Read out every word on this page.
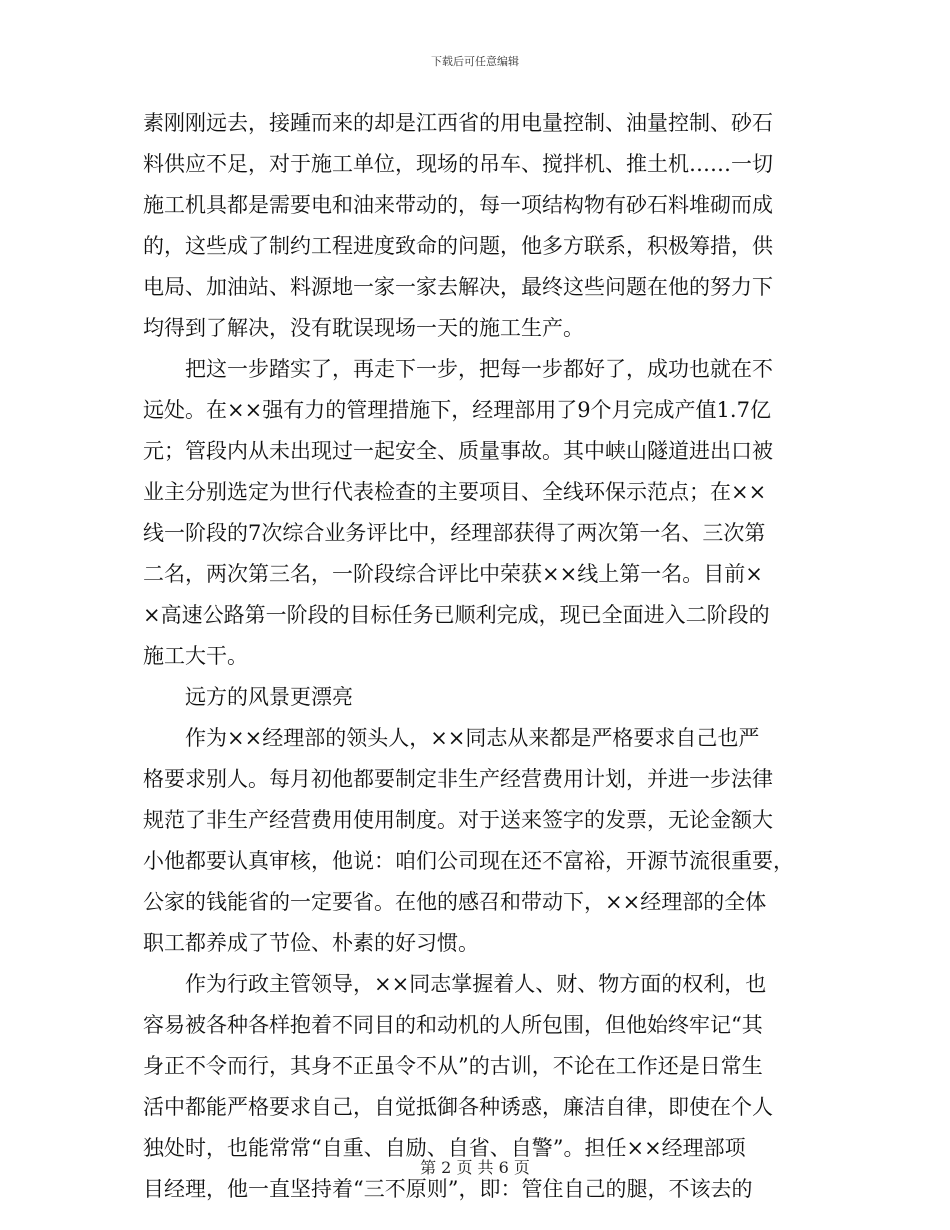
下载后可任意编辑
素刚刚远去，接踵而来的却是江西省的用电量控制、油量控制、砂石
料供应不足，对于施工单位，现场的吊车、搅拌机、推土机……一切
施工机具都是需要电和油来带动的，每一项结构物有砂石料堆砌而成
的，这些成了制约工程进度致命的问题，他多方联系，积极筹措，供
电局、加油站、料源地一家一家去解决，最终这些问题在他的努力下
均得到了解决，没有耽误现场一天的施工生产。
　　把这一步踏实了，再走下一步，把每一步都好了，成功也就在不
远处。在××强有力的管理措施下，经理部用了9个月完成产值1.7亿
元；管段内从未出现过一起安全、质量事故。其中峡山隧道进出口被
业主分别选定为世行代表检查的主要项目、全线环保示范点；在××
线一阶段的7次综合业务评比中，经理部获得了两次第一名、三次第
二名，两次第三名，一阶段综合评比中荣获××线上第一名。目前×
×高速公路第一阶段的目标任务已顺利完成，现已全面进入二阶段的
施工大干。
　　远方的风景更漂亮
　　作为××经理部的领头人，××同志从来都是严格要求自己也严
格要求别人。每月初他都要制定非生产经营费用计划，并进一步法律
规范了非生产经营费用使用制度。对于送来签字的发票，无论金额大
小他都要认真审核，他说：咱们公司现在还不富裕，开源节流很重要，
公家的钱能省的一定要省。在他的感召和带动下，××经理部的全体
职工都养成了节俭、朴素的好习惯。
　　作为行政主管领导，××同志掌握着人、财、物方面的权利，也
容易被各种各样抱着不同目的和动机的人所包围，但他始终牢记“其
身正不令而行，其身不正虽令不从”的古训，不论在工作还是日常生
活中都能严格要求自己，自觉抵御各种诱惑，廉洁自律，即使在个人
独处时，也能常常“自重、自励、自省、自警”。担任××经理部项
目经理，他一直坚持着“三不原则”，即：管住自己的腿，不该去的
第 2 页 共 6 页
